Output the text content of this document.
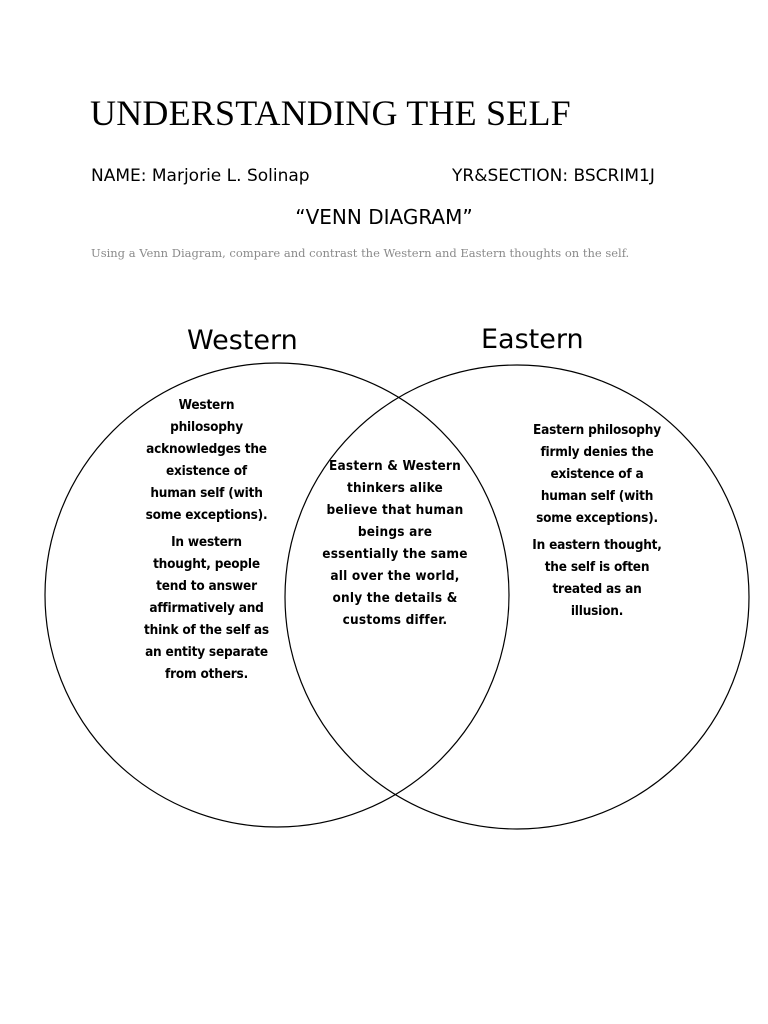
UNDERSTANDING THE SELF
NAME: Marjorie L. Solinap	YR&SECTION: BSCRIM1J
“VENN DIAGRAM”
Using a Venn Diagram, compare and contrast the Western and Eastern thoughts on the self.
Western	Eastern

Western philosophy acknowledges the existence of human self (with some exceptions).

In western thought, people tend to answer affirmatively and think of the self as an entity separate from others.

Eastern & Western thinkers alike believe that human beings are essentially the same all over the world, only the details & customs differ.

Eastern philosophy firmly denies the existence of a human self (with some exceptions).

In eastern thought, the self is often treated as an illusion.
